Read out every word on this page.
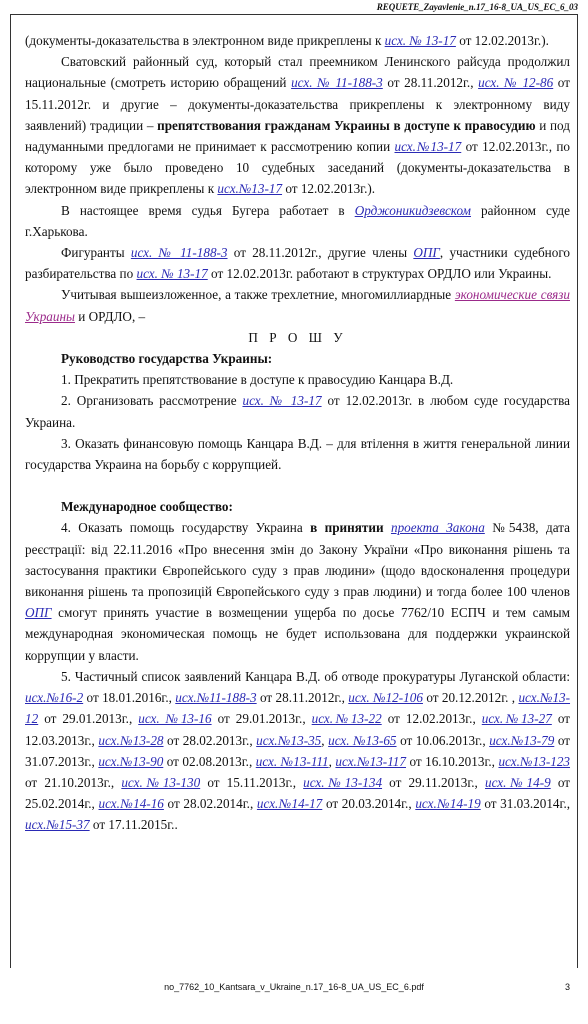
REQUETE_Zayavlenie_n.17_16-8_UA_US_EC_6_03

(документы-доказательства в электронном виде прикреплены к исх. № 13-17 от 12.02.2013г.).

Сватовский районный суд, который стал преемником Ленинского райсуда продолжил национальные (смотреть историю обращений исх. № 11-188-3 от 28.11.2012г., исх. № 12-86 от 15.11.2012г. и другие – документы-доказательства прикреплены к электронному виду заявлений) традиции – препятствования гражданам Украины в доступе к правосудию и под надуманными предлогами не принимает к рассмотрению копии исх.№13-17 от 12.02.2013г., по которому уже было проведено 10 судебных заседаний (документы-доказательства в электронном виде прикреплены к исх.№13-17 от 12.02.2013г.).

В настоящее время судья Бугера работает в Орджоникидзевском районном суде г.Харькова.

Фигуранты исх. № 11-188-3 от 28.11.2012г., другие члены ОПГ, участники судебного разбирательства по исх. № 13-17 от 12.02.2013г. работают в структурах ОРДЛО или Украины.

Учитывая вышеизложенное, а также трехлетние, многомиллиардные экономические связи Украины и ОРДЛО, –

П Р О Ш У

Руководство государства Украины:

1. Прекратить препятствование в доступе к правосудию Канцара В.Д.

2. Организовать рассмотрение исх. № 13-17 от 12.02.2013г. в любом суде государства Украина.

3. Оказать финансовую помощь Канцара В.Д. – для втілення в життя генеральной линии государства Украина на борьбу с коррупцией.

Международное сообщество:

4. Оказать помощь государству Украина в принятии проекта Закона №5438, дата реєстрації: від 22.11.2016 «Про внесення змін до Закону України «Про виконання рішень та застосування практики Європейського суду з прав людини» (щодо вдосконалення процедури виконання рішень та пропозицій Європейського суду з прав людини) и тогда более 100 членов ОПГ смогут принять участие в возмещении ущерба по досье 7762/10 ЕСПЧ и тем самым международная экономическая помощь не будет использована для поддержки украинской коррупции у власти.

5. Частичный список заявлений Канцара В.Д. об отводе прокуратуры Луганской области: исх.№16-2 от 18.01.2016г., исх.№11-188-3 от 28.11.2012г., исх. №12-106 от 20.12.2012г. , исх.№13-12 от 29.01.2013г., исх. №13-16 от 29.01.2013г., исх.№13-22 от 12.02.2013г., исх.№13-27 от 12.03.2013г., исх.№13-28 от 28.02.2013г., исх.№13-35, исх. №13-65 от 10.06.2013г., исх.№13-79 от 31.07.2013г., исх.№13-90 от 02.08.2013г., исх. №13-111, исх.№13-117 от 16.10.2013г., исх.№13-123 от 21.10.2013г., исх.№13-130 от 15.11.2013г., исх.№13-134 от 29.11.2013г., исх.№14-9 от 25.02.2014г., исх.№14-16 от 28.02.2014г., исх.№14-17 от 20.03.2014г., исх.№14-19 от 31.03.2014г., исх.№15-37 от 17.11.2015г..

no_7762_10_Kantsara_v_Ukraine_n.17_16-8_UA_US_EC_6.pdf	3
